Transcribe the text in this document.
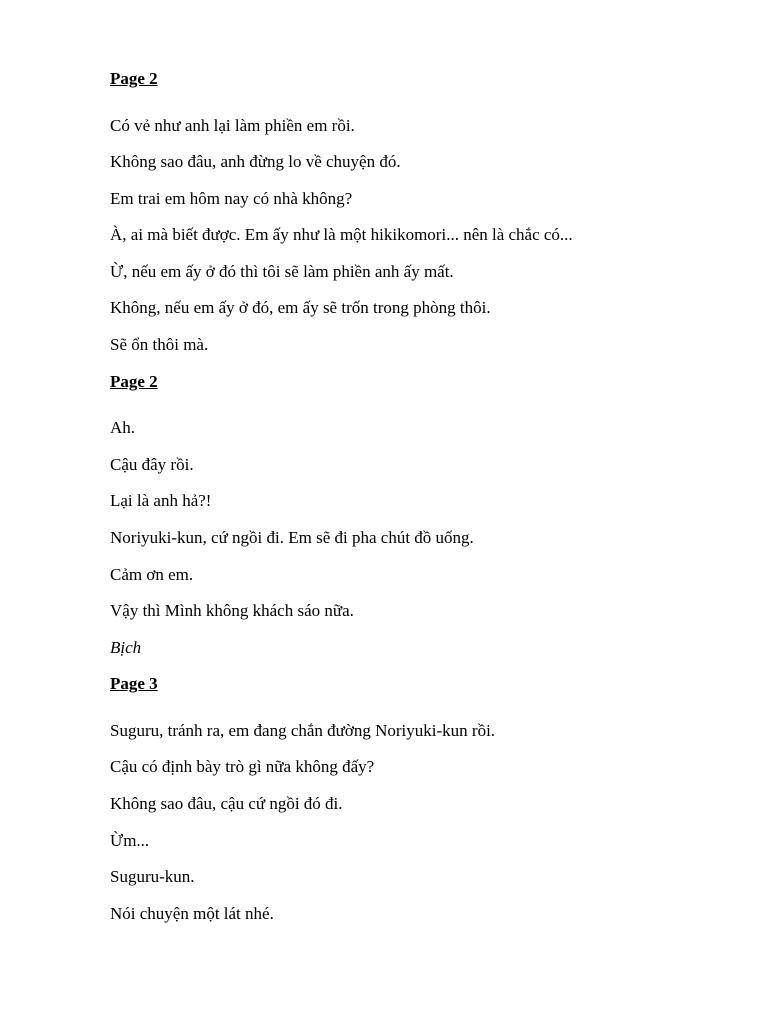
Page 2
Có vẻ như anh lại làm phiền em rồi.
Không sao đâu, anh đừng lo về chuyện đó.
Em trai em hôm nay có nhà không?
À, ai mà biết được. Em ấy như là một hikikomori... nên là chắc có...
Ừ, nếu em ấy ở đó thì tôi sẽ làm phiền anh ấy mất.
Không, nếu em ấy ở đó, em ấy sẽ trốn trong phòng thôi.
Sẽ ổn thôi mà.
Page 2
Ah.
Cậu đây rồi.
Lại là anh hả?!
Noriyuki-kun, cứ ngồi đi. Em sẽ đi pha chút đồ uống.
Cảm ơn em.
Vậy thì Mình không khách sáo nữa.
Bịch
Page 3
Suguru, tránh ra, em đang chắn đường Noriyuki-kun rồi.
Cậu có định bày trò gì nữa không đấy?
Không sao đâu, cậu cứ ngồi đó đi.
Ừm...
Suguru-kun.
Nói chuyện một lát nhé.
